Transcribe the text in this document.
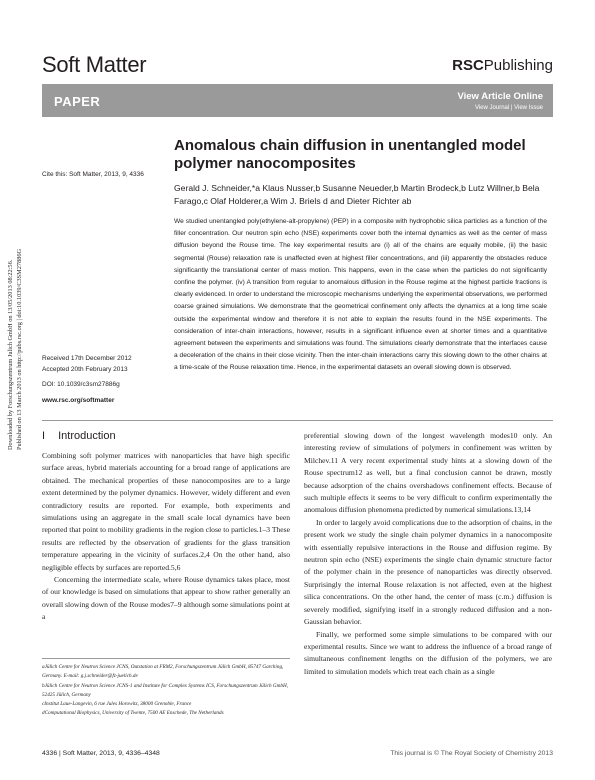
Soft Matter	RSCPublishing
PAPER	View Article Online
View Journal | View Issue
Downloaded by Forschungszentrum Julich GmbH on 13/05/2013 08:22:56. Published on 13 March 2013 on http://pubs.rsc.org | doi:10.1039/C3SM27886G
Anomalous chain diffusion in unentangled model polymer nanocomposites
Cite this: Soft Matter, 2013, 9, 4336
Gerald J. Schneider,*a Klaus Nusser,b Susanne Neueder,b Martin Brodeck,b Lutz Willner,b Bela Farago,c Olaf Holderer,a Wim J. Briels d and Dieter Richter ab
We studied unentangled poly(ethylene-alt-propylene) (PEP) in a composite with hydrophobic silica particles as a function of the filler concentration. Our neutron spin echo (NSE) experiments cover both the internal dynamics as well as the center of mass diffusion beyond the Rouse time. The key experimental results are (i) all of the chains are equally mobile, (ii) the basic segmental (Rouse) relaxation rate is unaffected even at highest filler concentrations, and (iii) apparently the obstacles reduce significantly the translational center of mass motion. This happens, even in the case when the particles do not significantly confine the polymer. (iv) A transition from regular to anomalous diffusion in the Rouse regime at the highest particle fractions is clearly evidenced. In order to understand the microscopic mechanisms underlying the experimental observations, we performed coarse grained simulations. We demonstrate that the geometrical confinement only affects the dynamics at a long time scale outside the experimental window and therefore it is not able to explain the results found in the NSE experiments. The consideration of inter-chain interactions, however, results in a significant influence even at shorter times and a quantitative agreement between the experiments and simulations was found. The simulations clearly demonstrate that the interfaces cause a deceleration of the chains in their close vicinity. Then the inter-chain interactions carry this slowing down to the other chains at a time-scale of the Rouse relaxation time. Hence, in the experimental datasets an overall slowing down is observed.
Received 17th December 2012
Accepted 20th February 2013
DOI: 10.1039/c3sm27886g
www.rsc.org/softmatter
I Introduction

Combining soft polymer matrices with nanoparticles that have high specific surface areas, hybrid materials accounting for a broad range of applications are obtained. The mechanical properties of these nanocomposites are to a large extent determined by the polymer dynamics. However, widely different and even contradictory results are reported. For example, both experiments and simulations using an aggregate in the small scale local dynamics have been reported that point to mobility gradients in the region close to particles.1–3 These results are reflected by the observation of gradients for the glass transition temperature appearing in the vicinity of surfaces.2,4 On the other hand, also negligible effects by surfaces are reported.5,6

Concerning the intermediate scale, where Rouse dynamics takes place, most of our knowledge is based on simulations that appear to show rather generally an overall slowing down of the Rouse modes7–9 although some simulations point at a

preferential slowing down of the longest wavelength modes10 only. An interesting review of simulations of polymers in confinement was written by Milchev.11 A very recent experimental study hints at a slowing down of the Rouse spectrum12 as well, but a final conclusion cannot be drawn, mostly because adsorption of the chains overshadows confinement effects. Because of such multiple effects it seems to be very difficult to confirm experimentally the anomalous diffusion phenomena predicted by numerical simulations.13,14

In order to largely avoid complications due to the adsorption of chains, in the present work we study the single chain polymer dynamics in a nanocomposite with essentially repulsive interactions in the Rouse and diffusion regime. By neutron spin echo (NSE) experiments the single chain dynamic structure factor of the polymer chain in the presence of nanoparticles was directly observed. Surprisingly the internal Rouse relaxation is not affected, even at the highest silica concentrations. On the other hand, the center of mass (c.m.) diffusion is severely modified, signifying itself in a strongly reduced diffusion and a non-Gaussian behavior.

Finally, we performed some simple simulations to be compared with our experimental results. Since we want to address the influence of a broad range of simultaneous confinement lengths on the diffusion of the polymers, we are limited to simulation models which treat each chain as a single

aJülich Centre for Neutron Science JCNS, Outstation at FRM2, Forschungszentrum Jülich GmbH, 85747 Garching, Germany. E-mail: g.j.schneider@fz-juelich.de
bJülich Centre for Neutron Science JCNS-1 and Institute for Complex Systems ICS, Forschungszentrum Jülich GmbH, 52425 Jülich, Germany
cInstitut Laue-Langevin, 6 rue Jules Horowitz, 38000 Grenoble, France
dComputational Biophysics, University of Twente, 7500 AE Enschede, The Netherlands
4336 | Soft Matter, 2013, 9, 4336–4348	This journal is © The Royal Society of Chemistry 2013
